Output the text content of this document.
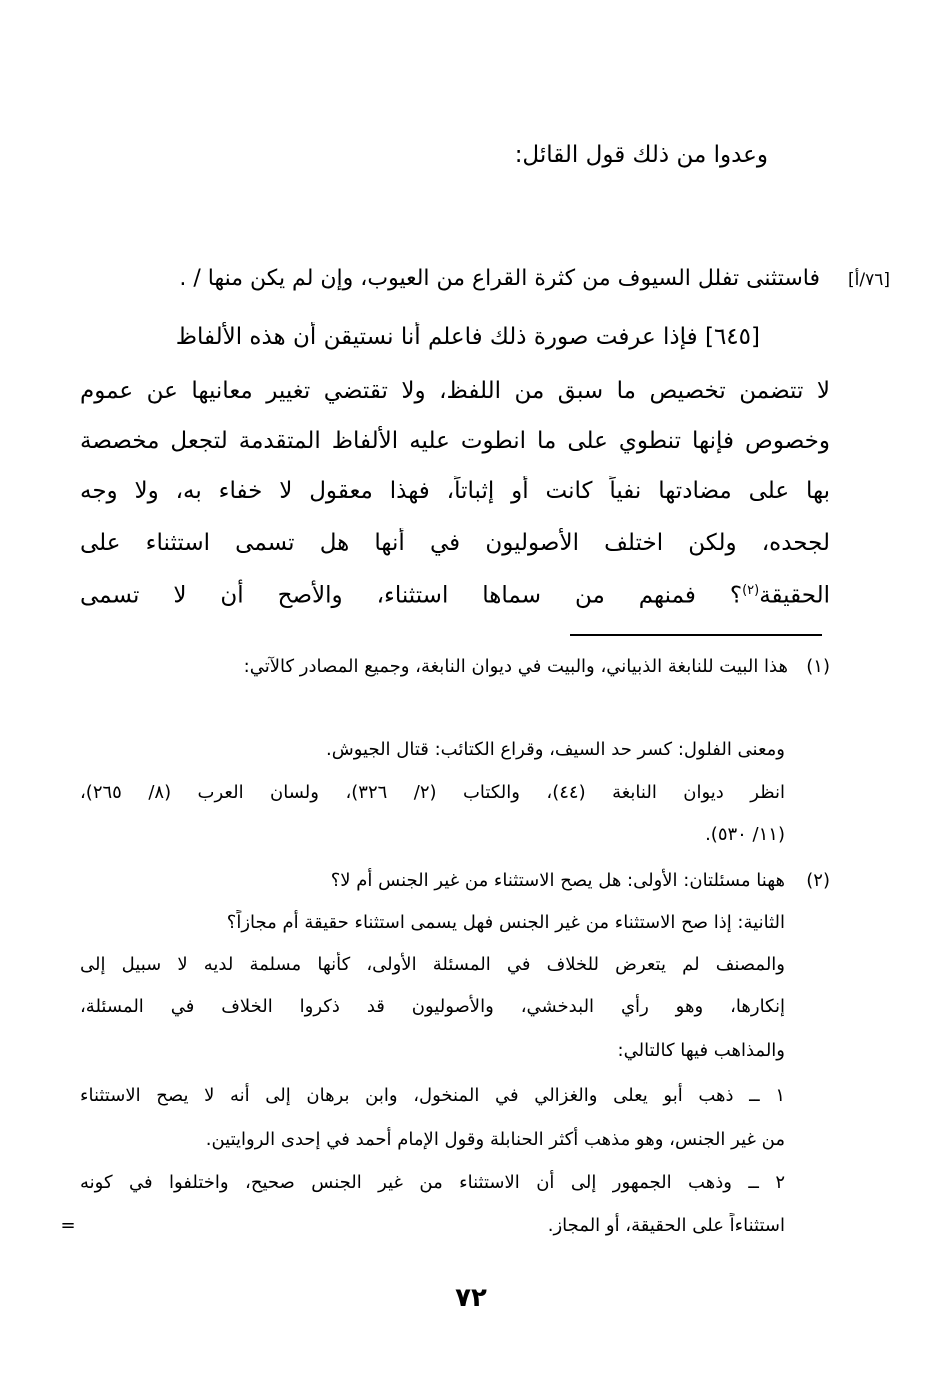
وعدوا من ذلك قول القائل:
[٧٦/أ]
فاستثنى تفلل السيوف من كثرة القراع من العيوب، وإن لم يكن منها / .
[٦٤٥] فإذا عرفت صورة ذلك فاعلم أنا نستيقن أن هذه الألفاظ
لا تتضمن تخصيص ما سبق من اللفظ، ولا تقتضي تغيير معانيها عن عموم
وخصوص فإنها تنطوي على ما انطوت عليه الألفاظ المتقدمة لتجعل مخصصة
بها على مضادتها نفياً كانت أو إثباتاً، فهذا معقول لا خفاء به، ولا وجه
لجحده، ولكن اختلف الأصوليون في أنها هل تسمى استثناء على
الحقيقة$^{(٢)}$؟ فمنهم من سماها استثناء، والأصح أن لا تسمى
(١)
هذا البيت للنابغة الذبياني، والبيت في ديوان النابغة، وجميع المصادر كالآتي:
ومعنى الفلول: كسر حد السيف، وقراع الكتائب: قتال الجيوش.
انظر ديوان النابغة (٤٤)، والكتاب (٢/ ٣٢٦)، ولسان العرب (٨/ ٢٦٥)،
(١١/ ٥٣٠).
(٢)
ههنا مسئلتان: الأولى: هل يصح الاستثناء من غير الجنس أم لا؟
الثانية: إذا صح الاستثناء من غير الجنس فهل يسمى استثناء حقيقة أم مجازاً؟
والمصنف لم يتعرض للخلاف في المسئلة الأولى، كأنها مسلمة لديه لا سبيل إلى
إنكارها، وهو رأي البدخشي، والأصوليون قد ذكروا الخلاف في المسئلة،
والمذاهب فيها كالتالي:
١ ــ ذهب أبو يعلى والغزالي في المنخول، وابن برهان إلى أنه لا يصح الاستثناء
من غير الجنس، وهو مذهب أكثر الحنابلة وقول الإمام أحمد في إحدى الروايتين.
٢ ــ وذهب الجمهور إلى أن الاستثناء من غير الجنس صحيح، واختلفوا في كونه
استثناءاً على الحقيقة، أو المجاز.
=
٧٢
